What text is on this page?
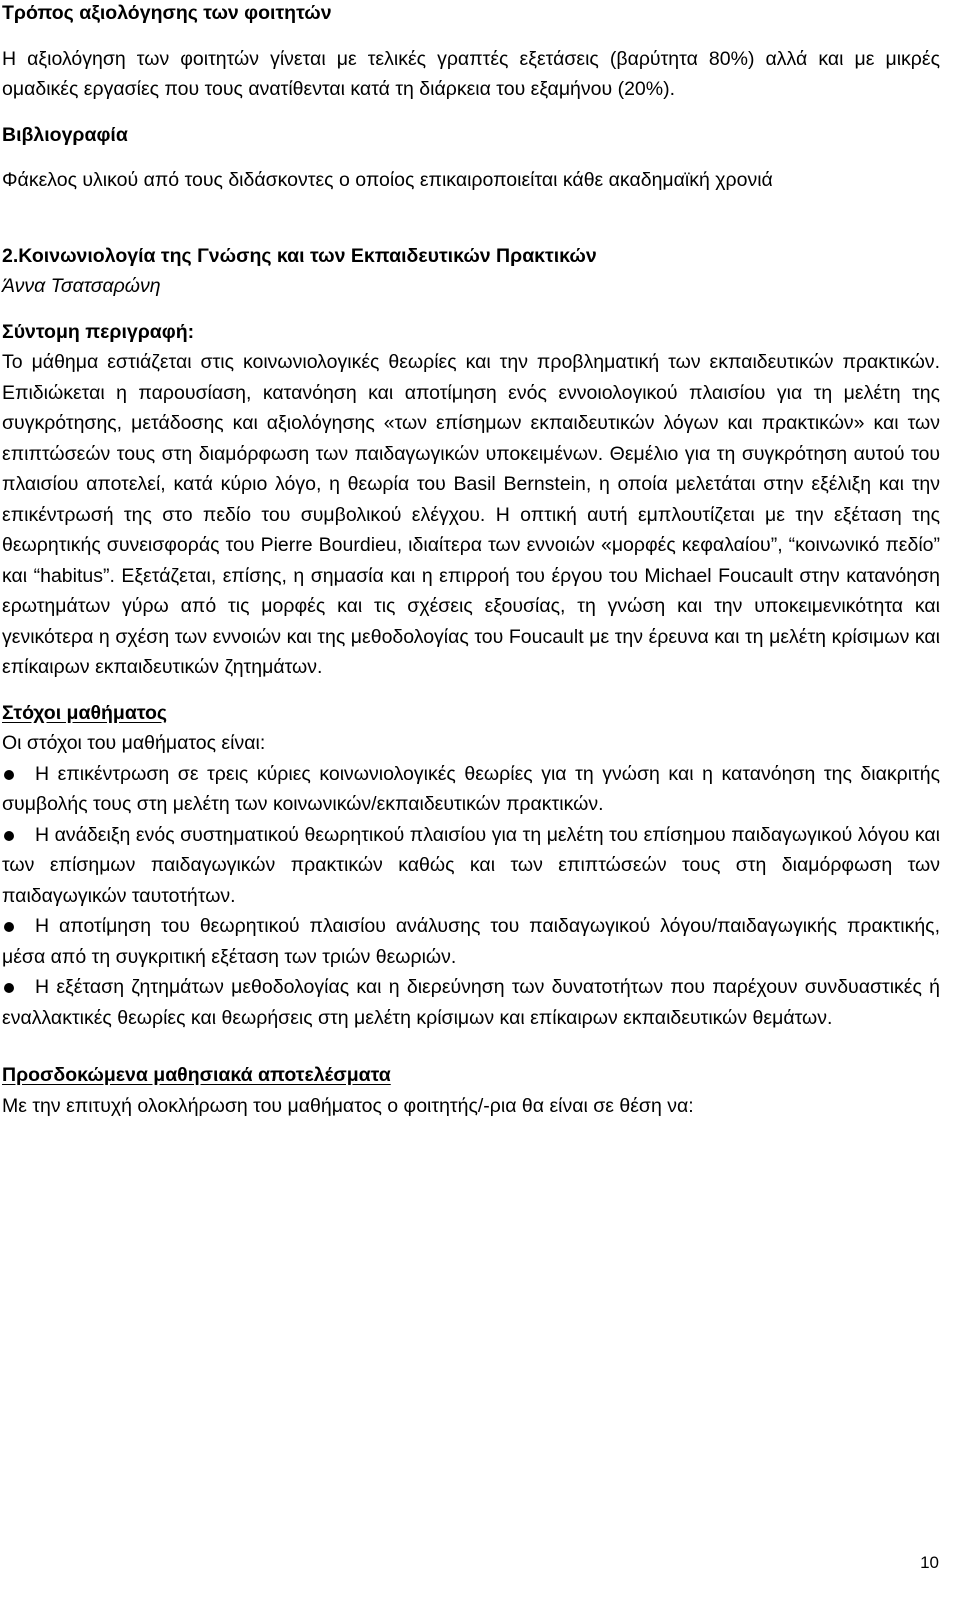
Τρόπος αξιολόγησης των φοιτητών

Η αξιολόγηση των φοιτητών γίνεται με τελικές γραπτές εξετάσεις (βαρύτητα 80%) αλλά και με μικρές ομαδικές εργασίες που τους ανατίθενται κατά τη διάρκεια του εξαμήνου (20%).

Βιβλιογραφία

Φάκελος υλικού από τους διδάσκοντες ο οποίος επικαιροποιείται κάθε ακαδημαϊκή χρονιά

2.Κοινωνιολογία της Γνώσης και των Εκπαιδευτικών Πρακτικών
Άννα Τσατσαρώνη
Σύντομη περιγραφή:

Το μάθημα εστιάζεται στις κοινωνιολογικές θεωρίες και την προβληματική των εκπαιδευτικών πρακτικών. Επιδιώκεται η παρουσίαση, κατανόηση και αποτίμηση ενός εννοιολογικού πλαισίου για τη μελέτη της συγκρότησης, μετάδοσης και αξιολόγησης «των επίσημων εκπαιδευτικών λόγων και πρακτικών» και των επιπτώσεών τους στη διαμόρφωση των παιδαγωγικών υποκειμένων. Θεμέλιο για τη συγκρότηση αυτού του πλαισίου αποτελεί, κατά κύριο λόγο, η θεωρία του Basil Bernstein, η οποία μελετάται στην εξέλιξη και την επικέντρωσή της στο πεδίο του συμβολικού ελέγχου. Η οπτική αυτή εμπλουτίζεται με την εξέταση της θεωρητικής συνεισφοράς του Pierre Bourdieu, ιδιαίτερα των εννοιών «μορφές κεφαλαίου”, “κοινωνικό πεδίο” και “habitus”. Εξετάζεται, επίσης, η σημασία και η επιρροή του έργου του Michael Foucault στην κατανόηση ερωτημάτων γύρω από τις μορφές και τις σχέσεις εξουσίας, τη γνώση και την υποκειμενικότητα και γενικότερα η σχέση των εννοιών και της μεθοδολογίας του Foucault με την έρευνα και τη μελέτη κρίσιμων και επίκαιρων εκπαιδευτικών ζητημάτων.

Στόχοι μαθήματος
Οι στόχοι του μαθήματος είναι:
Η επικέντρωση σε τρεις κύριες κοινωνιολογικές θεωρίες για τη γνώση και η κατανόηση της διακριτής συμβολής τους στη μελέτη των κοινωνικών/εκπαιδευτικών πρακτικών.
Η ανάδειξη ενός συστηματικού θεωρητικού πλαισίου για τη μελέτη του επίσημου παιδαγωγικού λόγου και των επίσημων παιδαγωγικών πρακτικών καθώς και των επιπτώσεών τους στη διαμόρφωση των παιδαγωγικών ταυτοτήτων.
Η αποτίμηση του θεωρητικού πλαισίου ανάλυσης του παιδαγωγικού λόγου/παιδαγωγικής πρακτικής, μέσα από τη συγκριτική εξέταση των τριών θεωριών.
Η εξέταση ζητημάτων μεθοδολογίας και η διερεύνηση των δυνατοτήτων που παρέχουν συνδυαστικές ή εναλλακτικές θεωρίες και θεωρήσεις στη μελέτη κρίσιμων και επίκαιρων εκπαιδευτικών θεμάτων.
Προσδοκώμενα μαθησιακά αποτελέσματα
Με την επιτυχή ολοκλήρωση του μαθήματος ο φοιτητής/-ρια θα είναι σε θέση να:
10
